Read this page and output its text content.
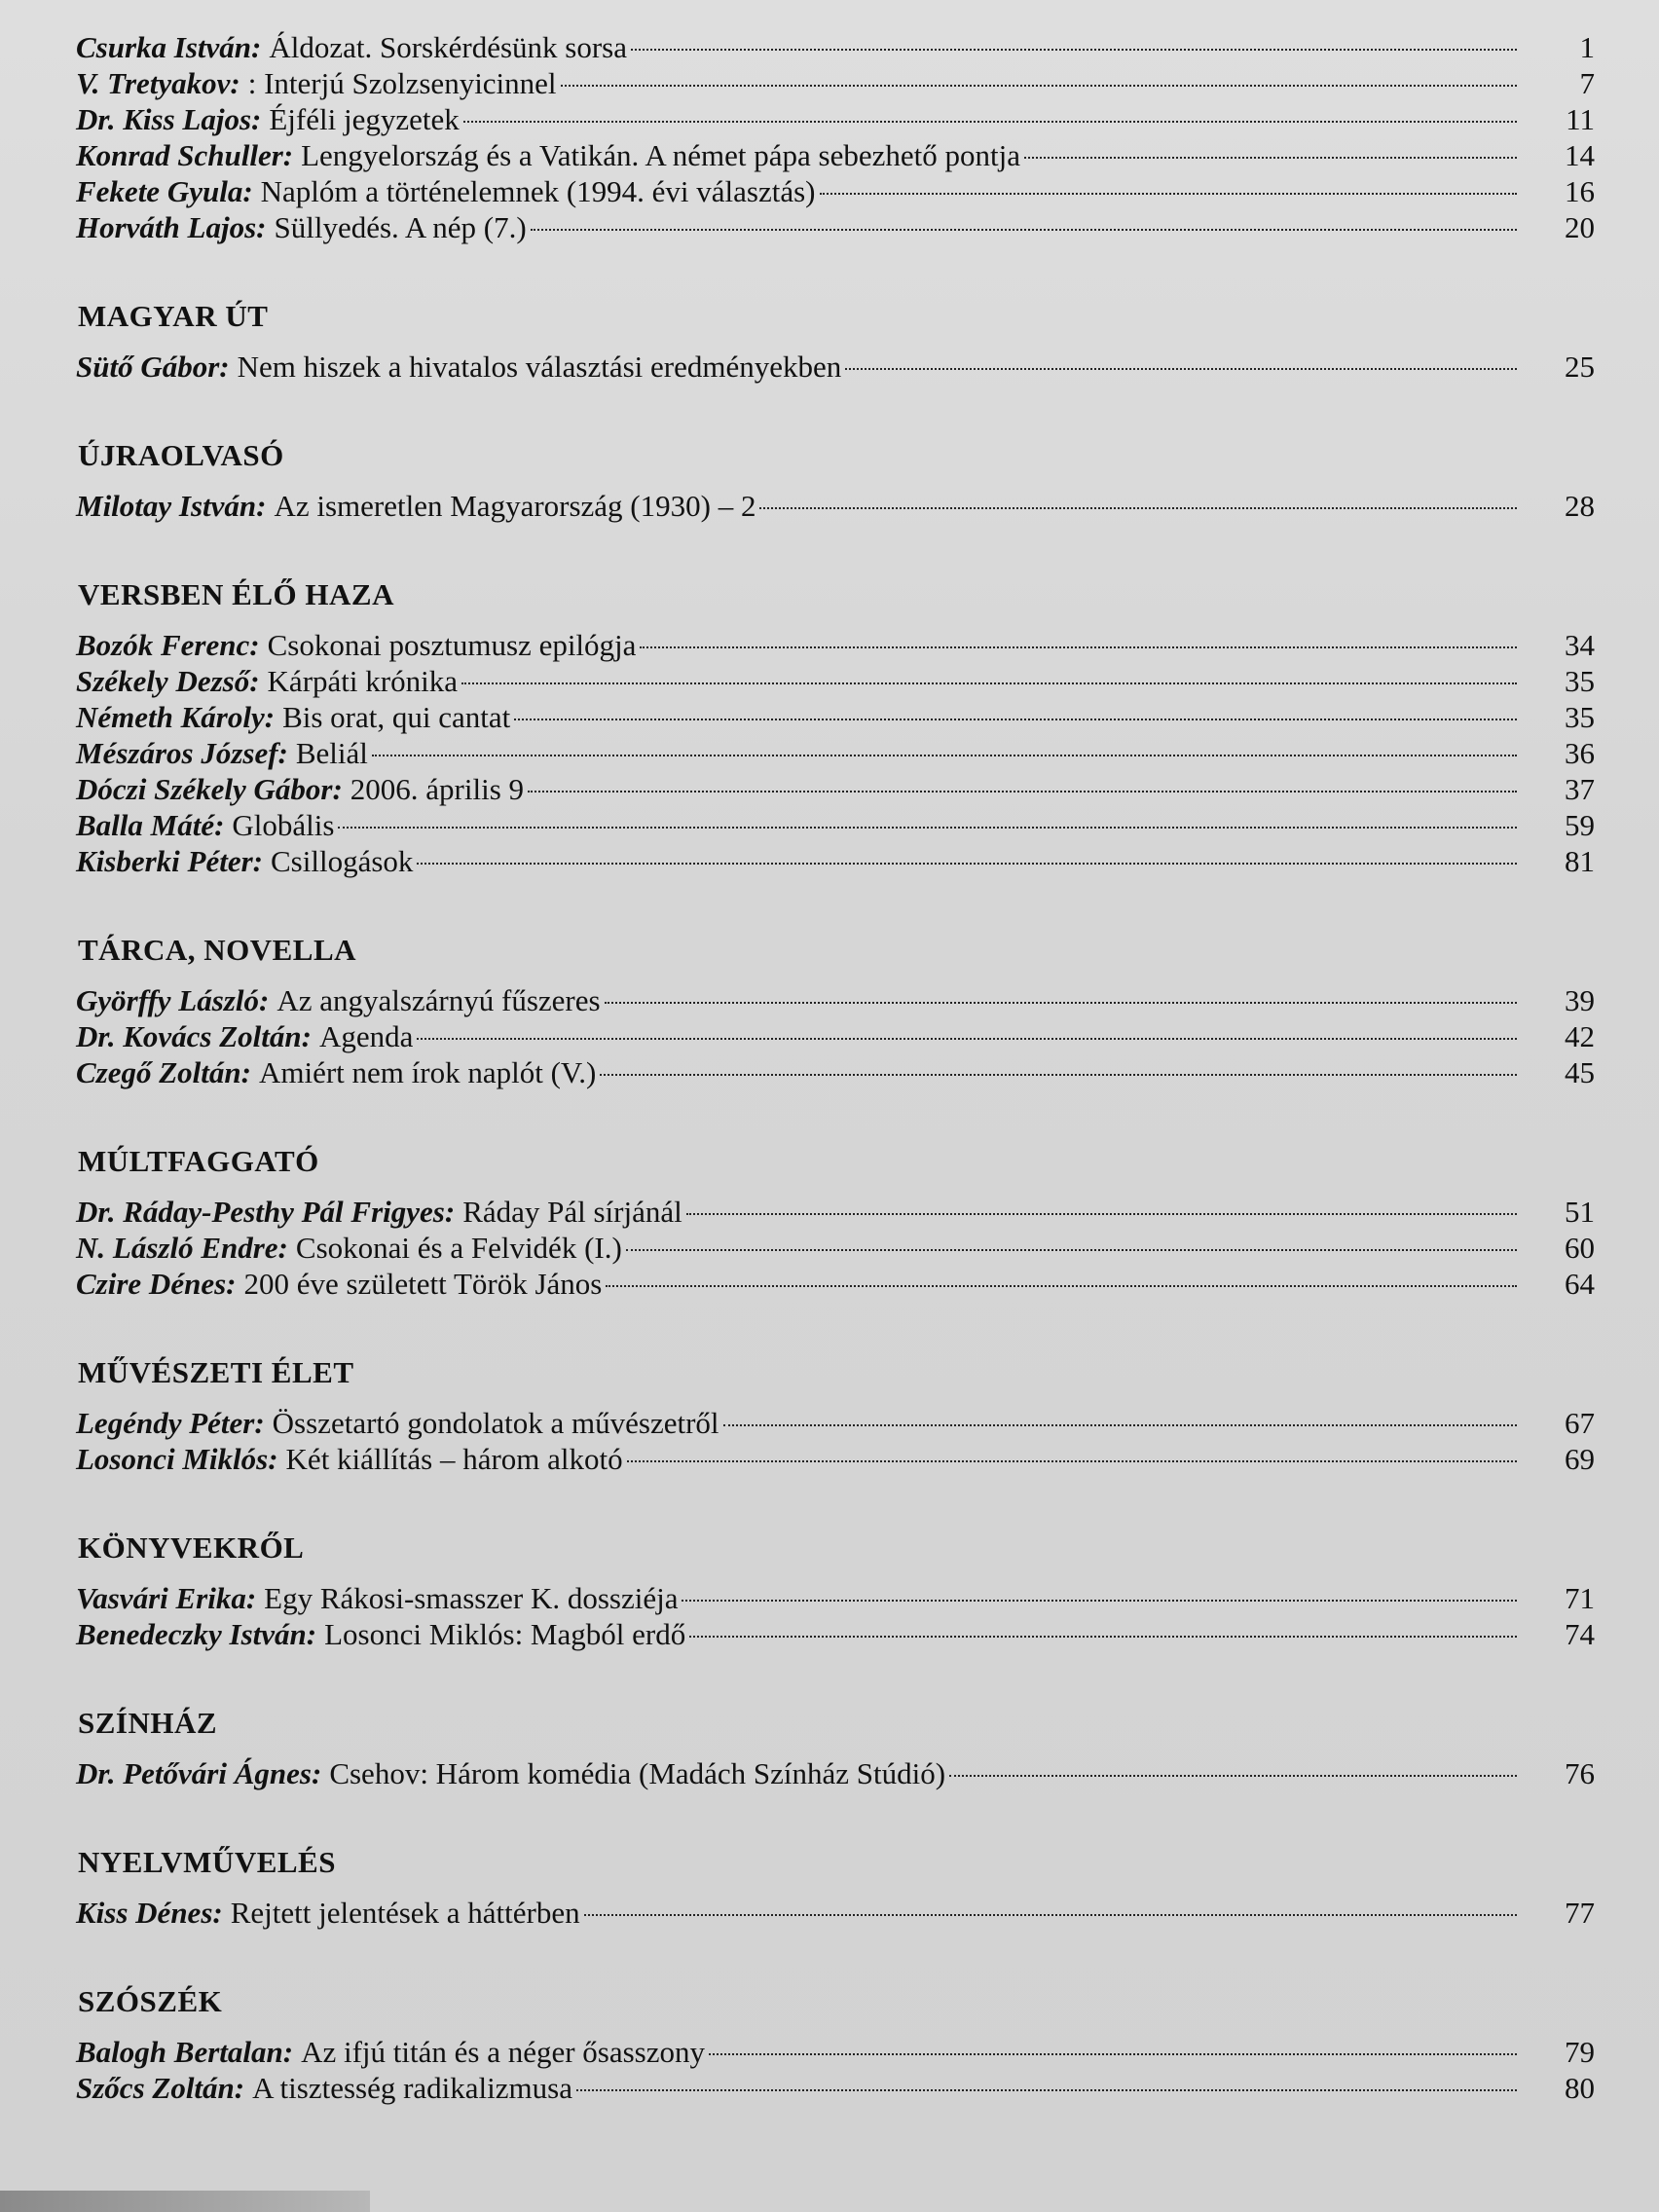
Csurka István: Áldozat. Sorskérdésünk sorsa	1
V. Tretyakov: : Interjú Szolzsenyicinnel	7
Dr. Kiss Lajos: Éjféli jegyzetek	11
Konrad Schuller: Lengyelország és a Vatikán. A német pápa sebezhető pontja	14
Fekete Gyula: Naplóm a történelemnek (1994. évi választás)	16
Horváth Lajos: Süllyedés. A nép (7.)	20
MAGYAR ÚT
Sütő Gábor: Nem hiszek a hivatalos választási eredményekben	25
ÚJRAOLVASÓ
Milotay István: Az ismeretlen Magyarország (1930) – 2	28
VERSBEN ÉLŐ HAZA
Bozók Ferenc: Csokonai posztumusz epilógja	34
Székely Dezső: Kárpáti krónika	35
Németh Károly: Bis orat, qui cantat	35
Mészáros József: Beliál	36
Dóczi Székely Gábor: 2006. április 9	37
Balla Máté: Globális	59
Kisberki Péter: Csillogások	81
TÁRCA, NOVELLA
Györffy László: Az angyalszárnyú fűszeres	39
Dr. Kovács Zoltán: Agenda	42
Czegő Zoltán: Amiért nem írok naplót (V.)	45
MÚLTFAGGATÓ
Dr. Ráday-Pesthy Pál Frigyes: Ráday Pál sírjánál	51
N. László Endre: Csokonai és a Felvidék (I.)	60
Czire Dénes: 200 éve született Török János	64
MŰVÉSZETI ÉLET
Legéndy Péter: Összetartó gondolatok a művészetről	67
Losonci Miklós: Két kiállítás – három alkotó	69
KÖNYVEKRŐL
Vasvári Erika: Egy Rákosi-smasszer K. dossziéja	71
Benedeczky István: Losonci Miklós: Magból erdő	74
SZÍNHÁZ
Dr. Petővári Ágnes: Csehov: Három komédia (Madách Színház Stúdió)	76
NYELVMŰVELÉS
Kiss Dénes: Rejtett jelentések a háttérben	77
SZÓSZÉK
Balogh Bertalan: Az ifjú titán és a néger ősasszony	79
Szőcs Zoltán: A tisztesség radikalizmusa	80
